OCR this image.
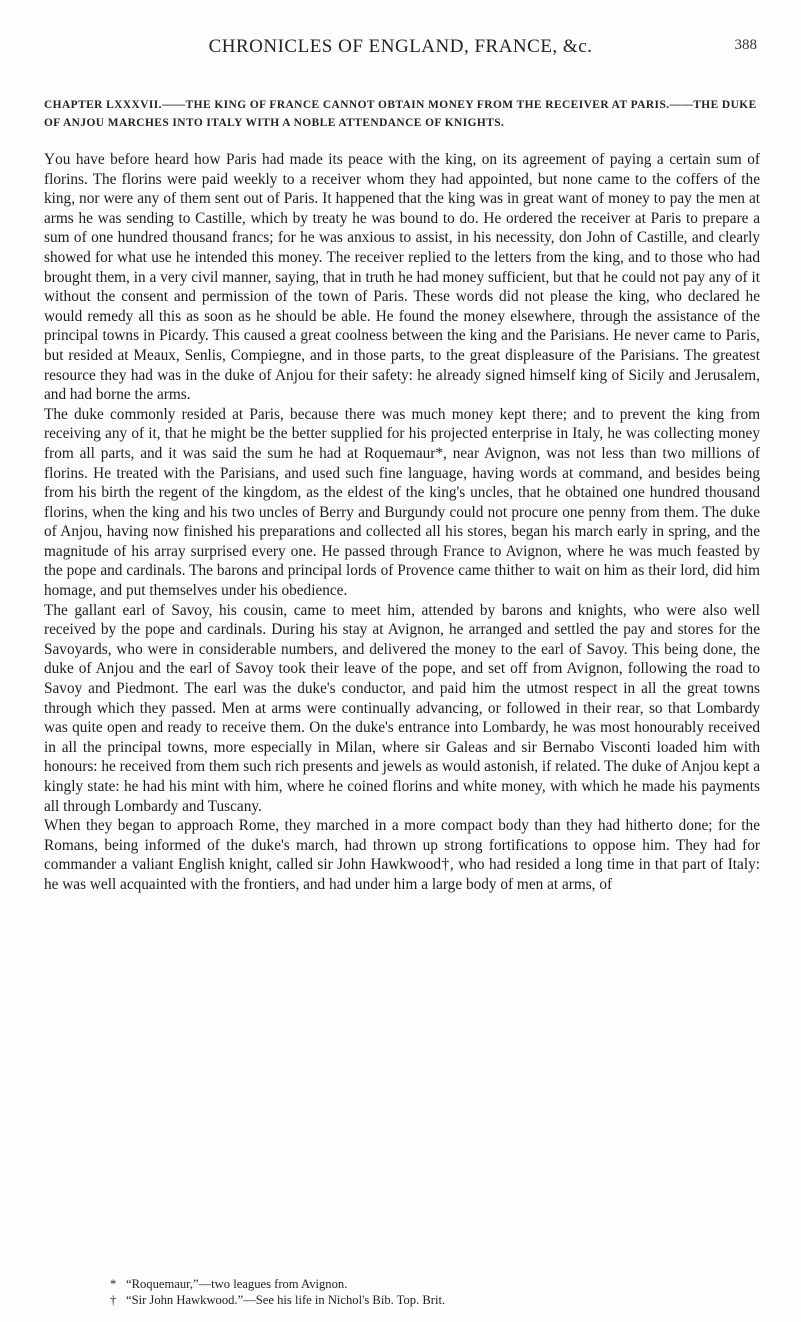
CHRONICLES OF ENGLAND, FRANCE, &c.	388
CHAPTER LXXXVII.——THE KING OF FRANCE CANNOT OBTAIN MONEY FROM THE RECEIVER AT PARIS.——THE DUKE OF ANJOU MARCHES INTO ITALY WITH A NOBLE ATTENDANCE OF KNIGHTS.

You have before heard how Paris had made its peace with the king, on its agreement of paying a certain sum of florins. The florins were paid weekly to a receiver whom they had appointed, but none came to the coffers of the king, nor were any of them sent out of Paris. It happened that the king was in great want of money to pay the men at arms he was sending to Castille, which by treaty he was bound to do. He ordered the receiver at Paris to prepare a sum of one hundred thousand francs; for he was anxious to assist, in his necessity, don John of Castille, and clearly showed for what use he intended this money. The receiver replied to the letters from the king, and to those who had brought them, in a very civil manner, saying, that in truth he had money sufficient, but that he could not pay any of it without the consent and permission of the town of Paris. These words did not please the king, who declared he would remedy all this as soon as he should be able. He found the money elsewhere, through the assistance of the principal towns in Picardy. This caused a great coolness between the king and the Parisians. He never came to Paris, but resided at Meaux, Senlis, Compiegne, and in those parts, to the great displeasure of the Parisians. The greatest resource they had was in the duke of Anjou for their safety: he already signed himself king of Sicily and Jerusalem, and had borne the arms.

The duke commonly resided at Paris, because there was much money kept there; and to prevent the king from receiving any of it, that he might be the better supplied for his projected enterprise in Italy, he was collecting money from all parts, and it was said the sum he had at Roquemaur*, near Avignon, was not less than two millions of florins. He treated with the Parisians, and used such fine language, having words at command, and besides being from his birth the regent of the kingdom, as the eldest of the king's uncles, that he obtained one hundred thousand florins, when the king and his two uncles of Berry and Burgundy could not procure one penny from them. The duke of Anjou, having now finished his preparations and collected all his stores, began his march early in spring, and the magnitude of his array surprised every one. He passed through France to Avignon, where he was much feasted by the pope and cardinals. The barons and principal lords of Provence came thither to wait on him as their lord, did him homage, and put themselves under his obedience.

The gallant earl of Savoy, his cousin, came to meet him, attended by barons and knights, who were also well received by the pope and cardinals. During his stay at Avignon, he arranged and settled the pay and stores for the Savoyards, who were in considerable numbers, and delivered the money to the earl of Savoy. This being done, the duke of Anjou and the earl of Savoy took their leave of the pope, and set off from Avignon, following the road to Savoy and Piedmont. The earl was the duke's conductor, and paid him the utmost respect in all the great towns through which they passed. Men at arms were continually advancing, or followed in their rear, so that Lombardy was quite open and ready to receive them. On the duke's entrance into Lombardy, he was most honourably received in all the principal towns, more especially in Milan, where sir Galeas and sir Bernabo Visconti loaded him with honours: he received from them such rich presents and jewels as would astonish, if related. The duke of Anjou kept a kingly state: he had his mint with him, where he coined florins and white money, with which he made his payments all through Lombardy and Tuscany.

When they began to approach Rome, they marched in a more compact body than they had hitherto done; for the Romans, being informed of the duke's march, had thrown up strong fortifications to oppose him. They had for commander a valiant English knight, called sir John Hawkwood†, who had resided a long time in that part of Italy: he was well acquainted with the frontiers, and had under him a large body of men at arms, of

* “Roquemaur,”—two leagues from Avignon.

† “Sir John Hawkwood.”—See his life in Nichol's Bib. Top. Brit.
